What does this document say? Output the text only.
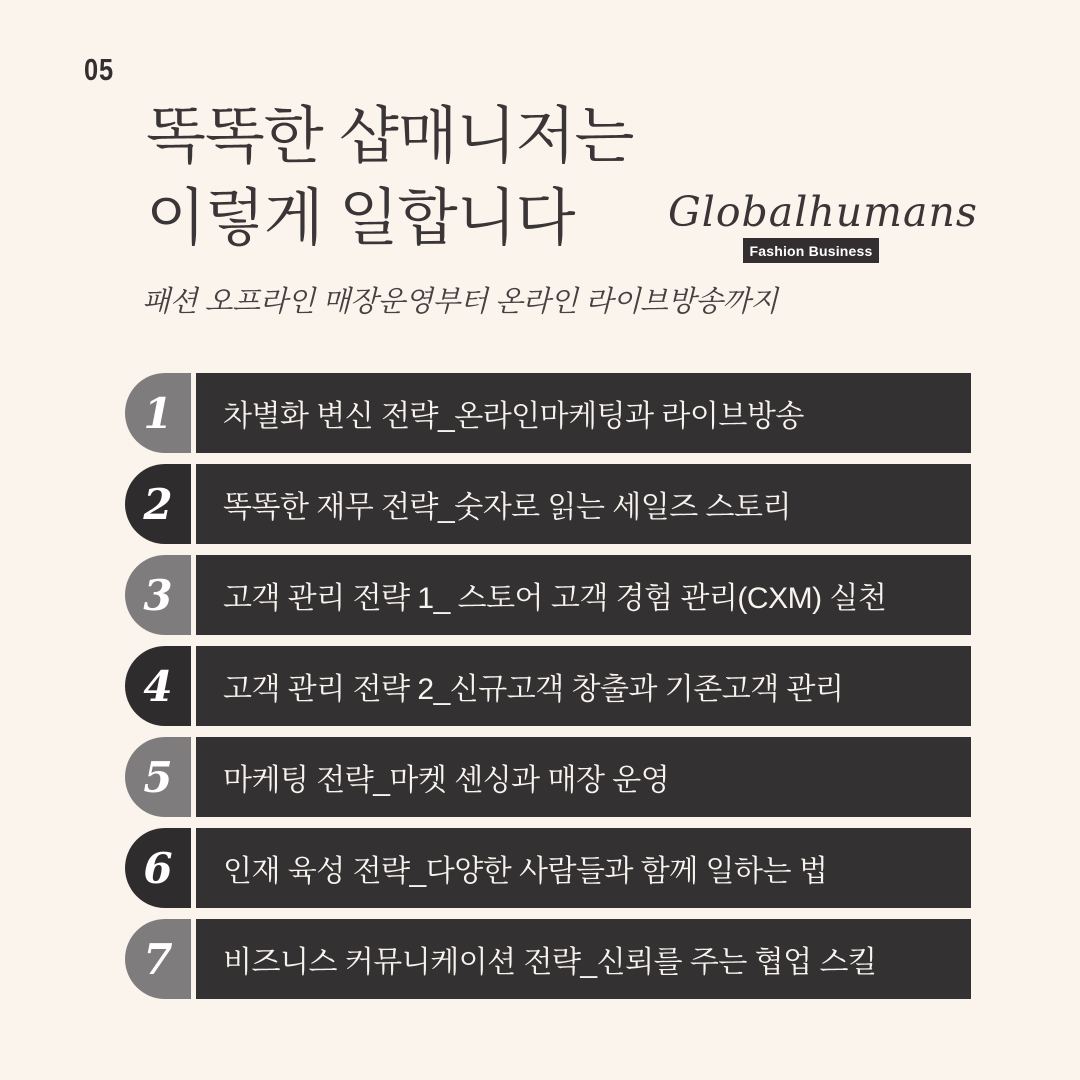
05
똑똑한 샵매니저는
이렇게 일합니다	Globalhumans
Fashion Business
패션 오프라인 매장운영부터 온라인 라이브방송까지
1	차별화 변신 전략_온라인마케팅과 라이브방송
2	똑똑한 재무 전략_숫자로 읽는 세일즈 스토리
3	고객 관리 전략 1_ 스토어 고객 경험 관리(CXM) 실천
4	고객 관리 전략 2_신규고객 창출과 기존고객 관리
5	마케팅 전략_마켓 센싱과 매장 운영
6	인재 육성 전략_다양한 사람들과 함께 일하는 법
7	비즈니스 커뮤니케이션 전략_신뢰를 주는 협업 스킬
